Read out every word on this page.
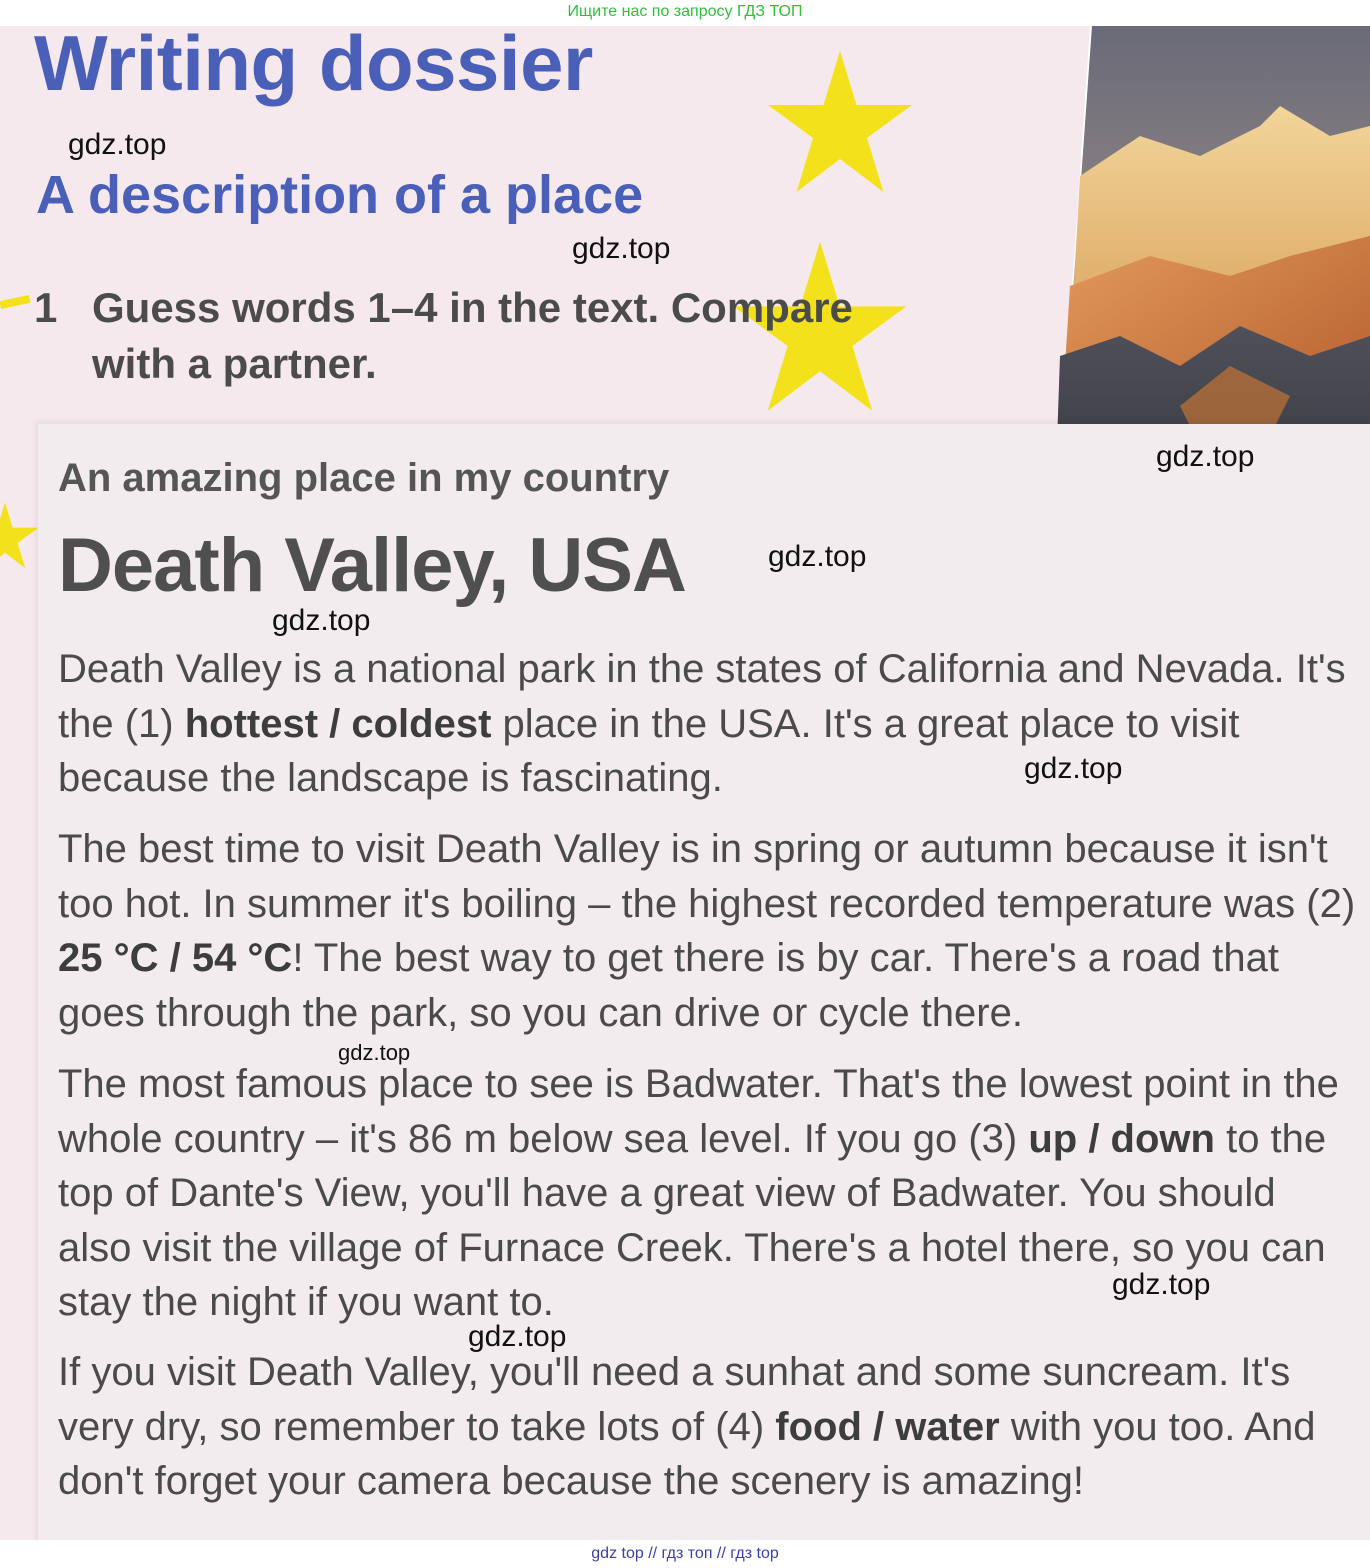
Ищите нас по запросу ГДЗ ТОП
Writing dossier
A description of a place

1 Guess words 1–4 in the text. Compare
with a partner.

An amazing place in my country

Death Valley, USA

Death Valley is a national park in the states of California and Nevada. It's the (1) hottest / coldest place in the USA. It's a great place to visit because the landscape is fascinating.

The best time to visit Death Valley is in spring or autumn because it isn't too hot. In summer it's boiling – the highest recorded temperature was (2) 25 °C / 54 °C! The best way to get there is by car. There's a road that goes through the park, so you can drive or cycle there.

The most famous place to see is Badwater. That's the lowest point in the whole country – it's 86 m below sea level. If you go (3) up / down to the top of Dante's View, you'll have a great view of Badwater. You should also visit the village of Furnace Creek. There's a hotel there, so you can stay the night if you want to.

If you visit Death Valley, you'll need a sunhat and some suncream. It's very dry, so remember to take lots of (4) food / water with you too. And don't forget your camera because the scenery is amazing!

gdz.top
gdz.top
gdz.top
gdz.top
gdz.top
gdz.top
gdz.top
gdz.top
gdz.top
gdz top // гдз топ // гдз top
